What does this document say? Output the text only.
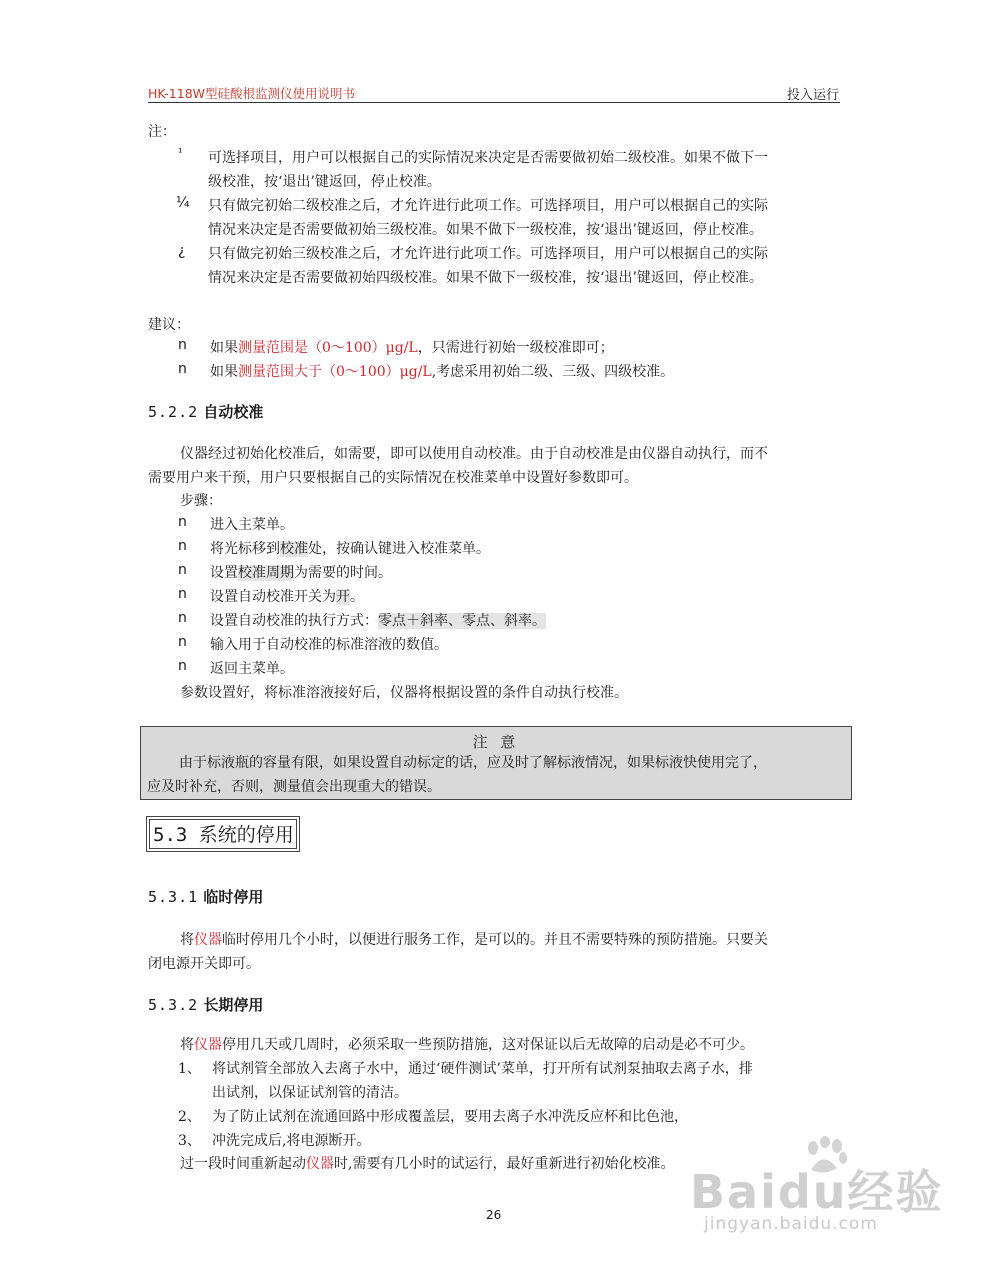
HK-118W型硅酸根监测仪使用说明书	投入运行
注：
¹ 可选择项目，用户可以根据自己的实际情况来决定是否需要做初始二级校准。如果不做下一
级校准，按‘退出’键返回，停止校准。
¼ 只有做完初始二级校准之后，才允许进行此项工作。可选择项目，用户可以根据自己的实际
情况来决定是否需要做初始三级校准。如果不做下一级校准，按‘退出’键返回，停止校准。
¿ 只有做完初始三级校准之后，才允许进行此项工作。可选择项目，用户可以根据自己的实际
情况来决定是否需要做初始四级校准。如果不做下一级校准，按‘退出’键返回，停止校准。
建议：
n 如果测量范围是（0～100）μg/L，只需进行初始一级校准即可；
n 如果测量范围大于（0～100）μg/L,考虑采用初始二级、三级、四级校准。
5.2.2 自动校准
仪器经过初始化校准后，如需要，即可以使用自动校准。由于自动校准是由仪器自动执行，而不
需要用户来干预，用户只要根据自己的实际情况在校准菜单中设置好参数即可。
步骤：
n 进入主菜单。
n 将光标移到校准处，按确认键进入校准菜单。
n 设置校准周期为需要的时间。
n 设置自动校准开关为开。
n 设置自动校准的执行方式：零点＋斜率、零点、斜率。
n 输入用于自动校准的标准溶液的数值。
n 返回主菜单。
参数设置好，将标准溶液接好后，仪器将根据设置的条件自动执行校准。
注 意
由于标液瓶的容量有限，如果设置自动标定的话，应及时了解标液情况，如果标液快使用完了，
应及时补充，否则，测量值会出现重大的错误。
5.3 系统的停用
5.3.1 临时停用
将仪器临时停用几个小时，以便进行服务工作，是可以的。并且不需要特殊的预防措施。只要关
闭电源开关即可。
5.3.2 长期停用
将仪器停用几天或几周时，必须采取一些预防措施，这对保证以后无故障的启动是必不可少。
1、 将试剂管全部放入去离子水中，通过‘硬件测试’菜单，打开所有试剂泵抽取去离子水，排
出试剂，以保证试剂管的清洁。
2、 为了防止试剂在流通回路中形成覆盖层，要用去离子水冲洗反应杯和比色池，
3、 冲洗完成后,将电源断开。
过一段时间重新起动仪器时,需要有几小时的试运行，最好重新进行初始化校准。
26	Baidu经验
jingyan.baidu.com
